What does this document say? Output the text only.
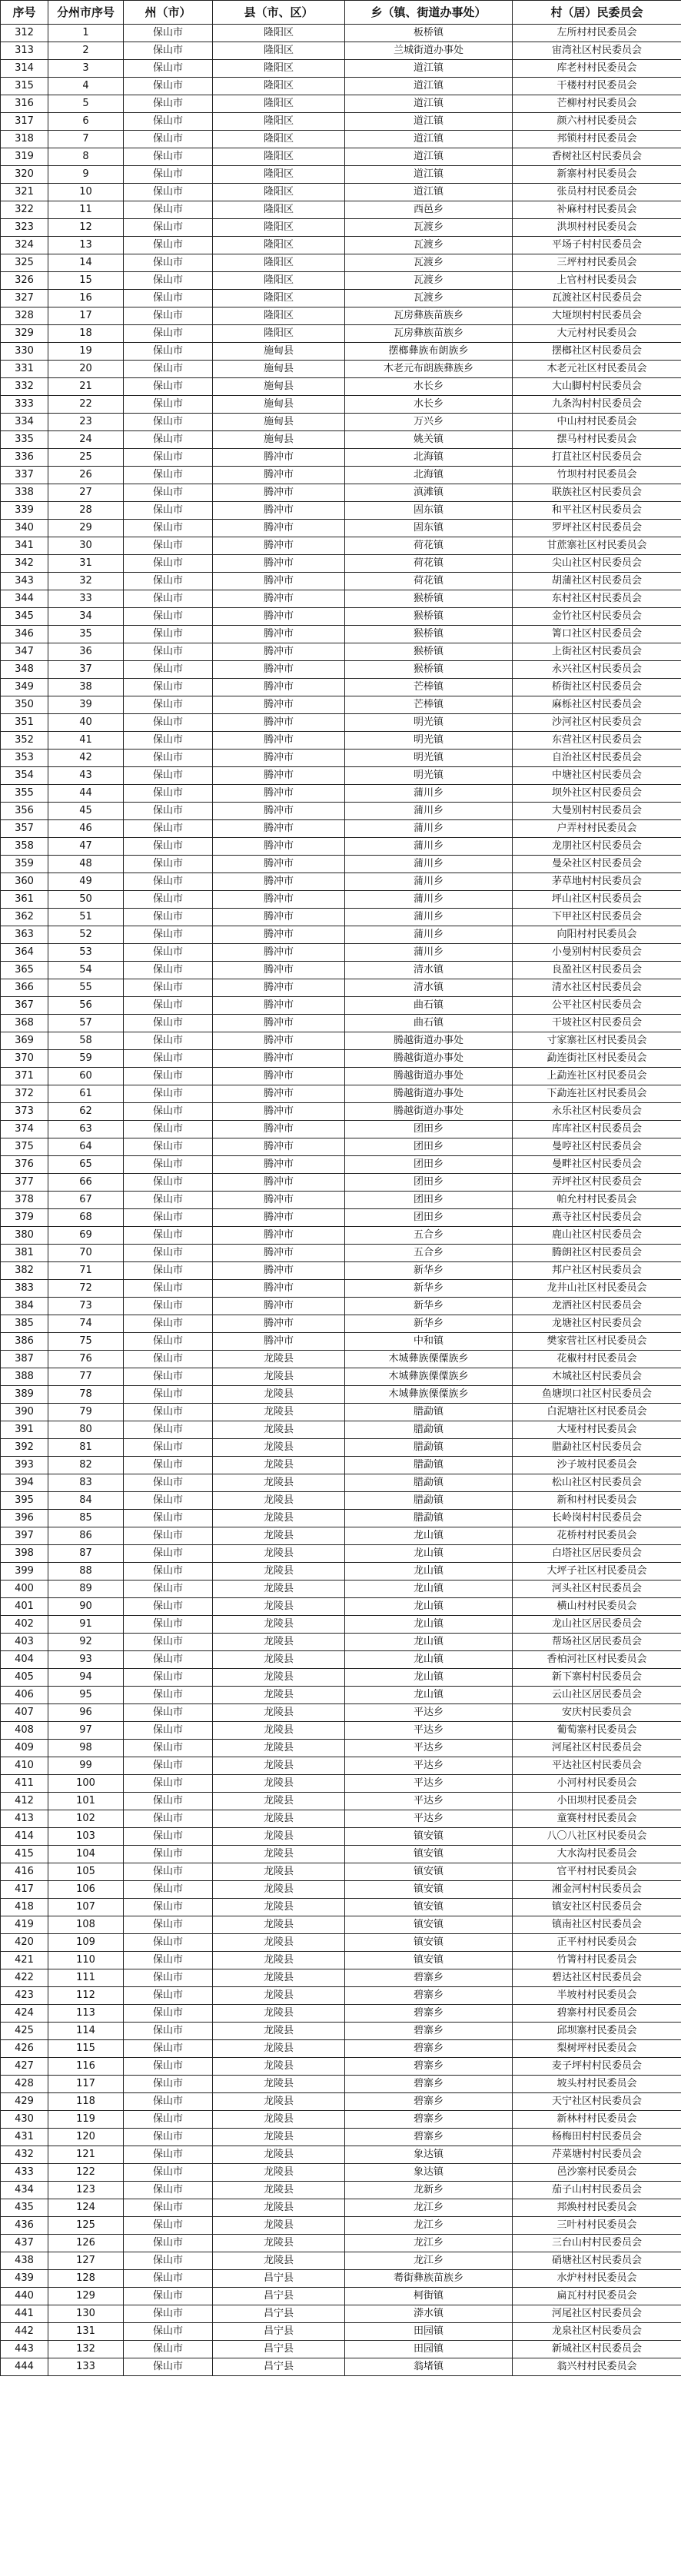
序号	分州市序号	州（市）	县（市、区）	乡（镇、街道办事处）	村（居）民委员会
312	1	保山市	隆阳区	板桥镇	左所村村民委员会
313	2	保山市	隆阳区	兰城街道办事处	宙湾社区村民委员会
314	3	保山市	隆阳区	道江镇	库老村村民委员会
315	4	保山市	隆阳区	道江镇	干楼村村民委员会
316	5	保山市	隆阳区	道江镇	芒柳村村民委员会
317	6	保山市	隆阳区	道江镇	颜六村村民委员会
318	7	保山市	隆阳区	道江镇	邦锁村村民委员会
319	8	保山市	隆阳区	道江镇	香树社区村民委员会
320	9	保山市	隆阳区	道江镇	新寨村村民委员会
321	10	保山市	隆阳区	道江镇	张员村村民委员会
322	11	保山市	隆阳区	西邑乡	补麻村村民委员会
323	12	保山市	隆阳区	瓦渡乡	洪坝村村民委员会
324	13	保山市	隆阳区	瓦渡乡	平场子村村民委员会
325	14	保山市	隆阳区	瓦渡乡	三坪村村民委员会
326	15	保山市	隆阳区	瓦渡乡	上官村村民委员会
327	16	保山市	隆阳区	瓦渡乡	瓦渡社区村民委员会
328	17	保山市	隆阳区	瓦房彝族苗族乡	大垭坝村村民委员会
329	18	保山市	隆阳区	瓦房彝族苗族乡	大元村村民委员会
330	19	保山市	施甸县	摆榔彝族布朗族乡	摆榔社区村民委员会
331	20	保山市	施甸县	木老元布朗族彝族乡	木老元社区村民委员会
332	21	保山市	施甸县	水长乡	大山脚村村民委员会
333	22	保山市	施甸县	水长乡	九条沟村村民委员会
334	23	保山市	施甸县	万兴乡	中山村村民委员会
335	24	保山市	施甸县	姚关镇	摆马村村民委员会
336	25	保山市	腾冲市	北海镇	打苴社区村民委员会
337	26	保山市	腾冲市	北海镇	竹坝村村民委员会
338	27	保山市	腾冲市	滇滩镇	联族社区村民委员会
339	28	保山市	腾冲市	固东镇	和平社区村民委员会
340	29	保山市	腾冲市	固东镇	罗坪社区村民委员会
341	30	保山市	腾冲市	荷花镇	甘蔗寨社区村民委员会
342	31	保山市	腾冲市	荷花镇	尖山社区村民委员会
343	32	保山市	腾冲市	荷花镇	胡蒲社区村民委员会
344	33	保山市	腾冲市	猴桥镇	东村社区村民委员会
345	34	保山市	腾冲市	猴桥镇	金竹社区村民委员会
346	35	保山市	腾冲市	猴桥镇	箐口社区村民委员会
347	36	保山市	腾冲市	猴桥镇	上街社区村民委员会
348	37	保山市	腾冲市	猴桥镇	永兴社区村民委员会
349	38	保山市	腾冲市	芒棒镇	桥街社区村民委员会
350	39	保山市	腾冲市	芒棒镇	麻栎社区村民委员会
351	40	保山市	腾冲市	明光镇	沙河社区村民委员会
352	41	保山市	腾冲市	明光镇	东营社区村民委员会
353	42	保山市	腾冲市	明光镇	自治社区村民委员会
354	43	保山市	腾冲市	明光镇	中塘社区村民委员会
355	44	保山市	腾冲市	蒲川乡	坝外社区村民委员会
356	45	保山市	腾冲市	蒲川乡	大曼别村村民委员会
357	46	保山市	腾冲市	蒲川乡	户弄村村民委员会
358	47	保山市	腾冲市	蒲川乡	龙朋社区村民委员会
359	48	保山市	腾冲市	蒲川乡	曼朵社区村民委员会
360	49	保山市	腾冲市	蒲川乡	茅草地村村民委员会
361	50	保山市	腾冲市	蒲川乡	坪山社区村民委员会
362	51	保山市	腾冲市	蒲川乡	下甲社区村民委员会
363	52	保山市	腾冲市	蒲川乡	向阳村村民委员会
364	53	保山市	腾冲市	蒲川乡	小曼别村村民委员会
365	54	保山市	腾冲市	清水镇	良盈社区村民委员会
366	55	保山市	腾冲市	清水镇	清水社区村民委员会
367	56	保山市	腾冲市	曲石镇	公平社区村民委员会
368	57	保山市	腾冲市	曲石镇	干坡社区村民委员会
369	58	保山市	腾冲市	腾越街道办事处	寸家寨社区村民委员会
370	59	保山市	腾冲市	腾越街道办事处	勐连街社区村民委员会
371	60	保山市	腾冲市	腾越街道办事处	上勐连社区村民委员会
372	61	保山市	腾冲市	腾越街道办事处	下勐连社区村民委员会
373	62	保山市	腾冲市	腾越街道办事处	永乐社区村民委员会
374	63	保山市	腾冲市	团田乡	库库社区村民委员会
375	64	保山市	腾冲市	团田乡	曼哼社区村民委员会
376	65	保山市	腾冲市	团田乡	曼畔社区村民委员会
377	66	保山市	腾冲市	团田乡	弄坪社区村民委员会
378	67	保山市	腾冲市	团田乡	帕允村村民委员会
379	68	保山市	腾冲市	团田乡	燕寺社区村民委员会
380	69	保山市	腾冲市	五合乡	鹿山社区村民委员会
381	70	保山市	腾冲市	五合乡	腾朗社区村民委员会
382	71	保山市	腾冲市	新华乡	邦户社区村民委员会
383	72	保山市	腾冲市	新华乡	龙井山社区村民委员会
384	73	保山市	腾冲市	新华乡	龙洒社区村民委员会
385	74	保山市	腾冲市	新华乡	龙塘社区村民委员会
386	75	保山市	腾冲市	中和镇	樊家营社区村民委员会
387	76	保山市	龙陵县	木城彝族傈僳族乡	花椒村村民委员会
388	77	保山市	龙陵县	木城彝族傈僳族乡	木城社区村民委员会
389	78	保山市	龙陵县	木城彝族傈僳族乡	鱼塘坝口社区村民委员会
390	79	保山市	龙陵县	腊勐镇	白泥塘社区村民委员会
391	80	保山市	龙陵县	腊勐镇	大垭村村民委员会
392	81	保山市	龙陵县	腊勐镇	腊勐社区村民委员会
393	82	保山市	龙陵县	腊勐镇	沙子坡村民委员会
394	83	保山市	龙陵县	腊勐镇	松山社区村民委员会
395	84	保山市	龙陵县	腊勐镇	新和村村民委员会
396	85	保山市	龙陵县	腊勐镇	长岭岗村村民委员会
397	86	保山市	龙陵县	龙山镇	花桥村村民委员会
398	87	保山市	龙陵县	龙山镇	白塔社区居民委员会
399	88	保山市	龙陵县	龙山镇	大坪子社区村民委员会
400	89	保山市	龙陵县	龙山镇	河头社区村民委员会
401	90	保山市	龙陵县	龙山镇	横山村村民委员会
402	91	保山市	龙陵县	龙山镇	龙山社区居民委员会
403	92	保山市	龙陵县	龙山镇	帮场社区居民委员会
404	93	保山市	龙陵县	龙山镇	香柏河社区村民委员会
405	94	保山市	龙陵县	龙山镇	新下寨村村民委员会
406	95	保山市	龙陵县	龙山镇	云山社区居民委员会
407	96	保山市	龙陵县	平达乡	安庆村民委员会
408	97	保山市	龙陵县	平达乡	葡萄寨村民委员会
409	98	保山市	龙陵县	平达乡	河尾社区村民委员会
410	99	保山市	龙陵县	平达乡	平达社区村民委员会
411	100	保山市	龙陵县	平达乡	小河村村民委员会
412	101	保山市	龙陵县	平达乡	小田坝村民委员会
413	102	保山市	龙陵县	平达乡	童赛村村民委员会
414	103	保山市	龙陵县	镇安镇	八〇八社区村民委员会
415	104	保山市	龙陵县	镇安镇	大水沟村民委员会
416	105	保山市	龙陵县	镇安镇	官平村村民委员会
417	106	保山市	龙陵县	镇安镇	湘金河村村民委员会
418	107	保山市	龙陵县	镇安镇	镇安社区村民委员会
419	108	保山市	龙陵县	镇安镇	镇南社区村民委员会
420	109	保山市	龙陵县	镇安镇	正平村村民委员会
421	110	保山市	龙陵县	镇安镇	竹箐村村民委员会
422	111	保山市	龙陵县	碧寨乡	碧达社区村民委员会
423	112	保山市	龙陵县	碧寨乡	半坡村村民委员会
424	113	保山市	龙陵县	碧寨乡	碧寨村村民委员会
425	114	保山市	龙陵县	碧寨乡	邱坝寨村民委员会
426	115	保山市	龙陵县	碧寨乡	梨树坪村民委员会
427	116	保山市	龙陵县	碧寨乡	麦子坪村村民委员会
428	117	保山市	龙陵县	碧寨乡	坡头村村民委员会
429	118	保山市	龙陵县	碧寨乡	天宁社区村民委员会
430	119	保山市	龙陵县	碧寨乡	新林村村民委员会
431	120	保山市	龙陵县	碧寨乡	杨梅田村村民委员会
432	121	保山市	龙陵县	象达镇	芹菜塘村村民委员会
433	122	保山市	龙陵县	象达镇	邑沙寨村民委员会
434	123	保山市	龙陵县	龙新乡	茄子山村村民委员会
435	124	保山市	龙陵县	龙江乡	邦焕村村民委员会
436	125	保山市	龙陵县	龙江乡	三叶村村民委员会
437	126	保山市	龙陵县	龙江乡	三台山村村民委员会
438	127	保山市	龙陵县	龙江乡	硝塘社区村民委员会
439	128	保山市	昌宁县	耈街彝族苗族乡	水炉村村民委员会
440	129	保山市	昌宁县	柯街镇	扁瓦村村民委员会
441	130	保山市	昌宁县	漭水镇	河尾社区村民委员会
442	131	保山市	昌宁县	田园镇	龙泉社区村民委员会
443	132	保山市	昌宁县	田园镇	新城社区村民委员会
444	133	保山市	昌宁县	翁堵镇	翁兴村村民委员会
